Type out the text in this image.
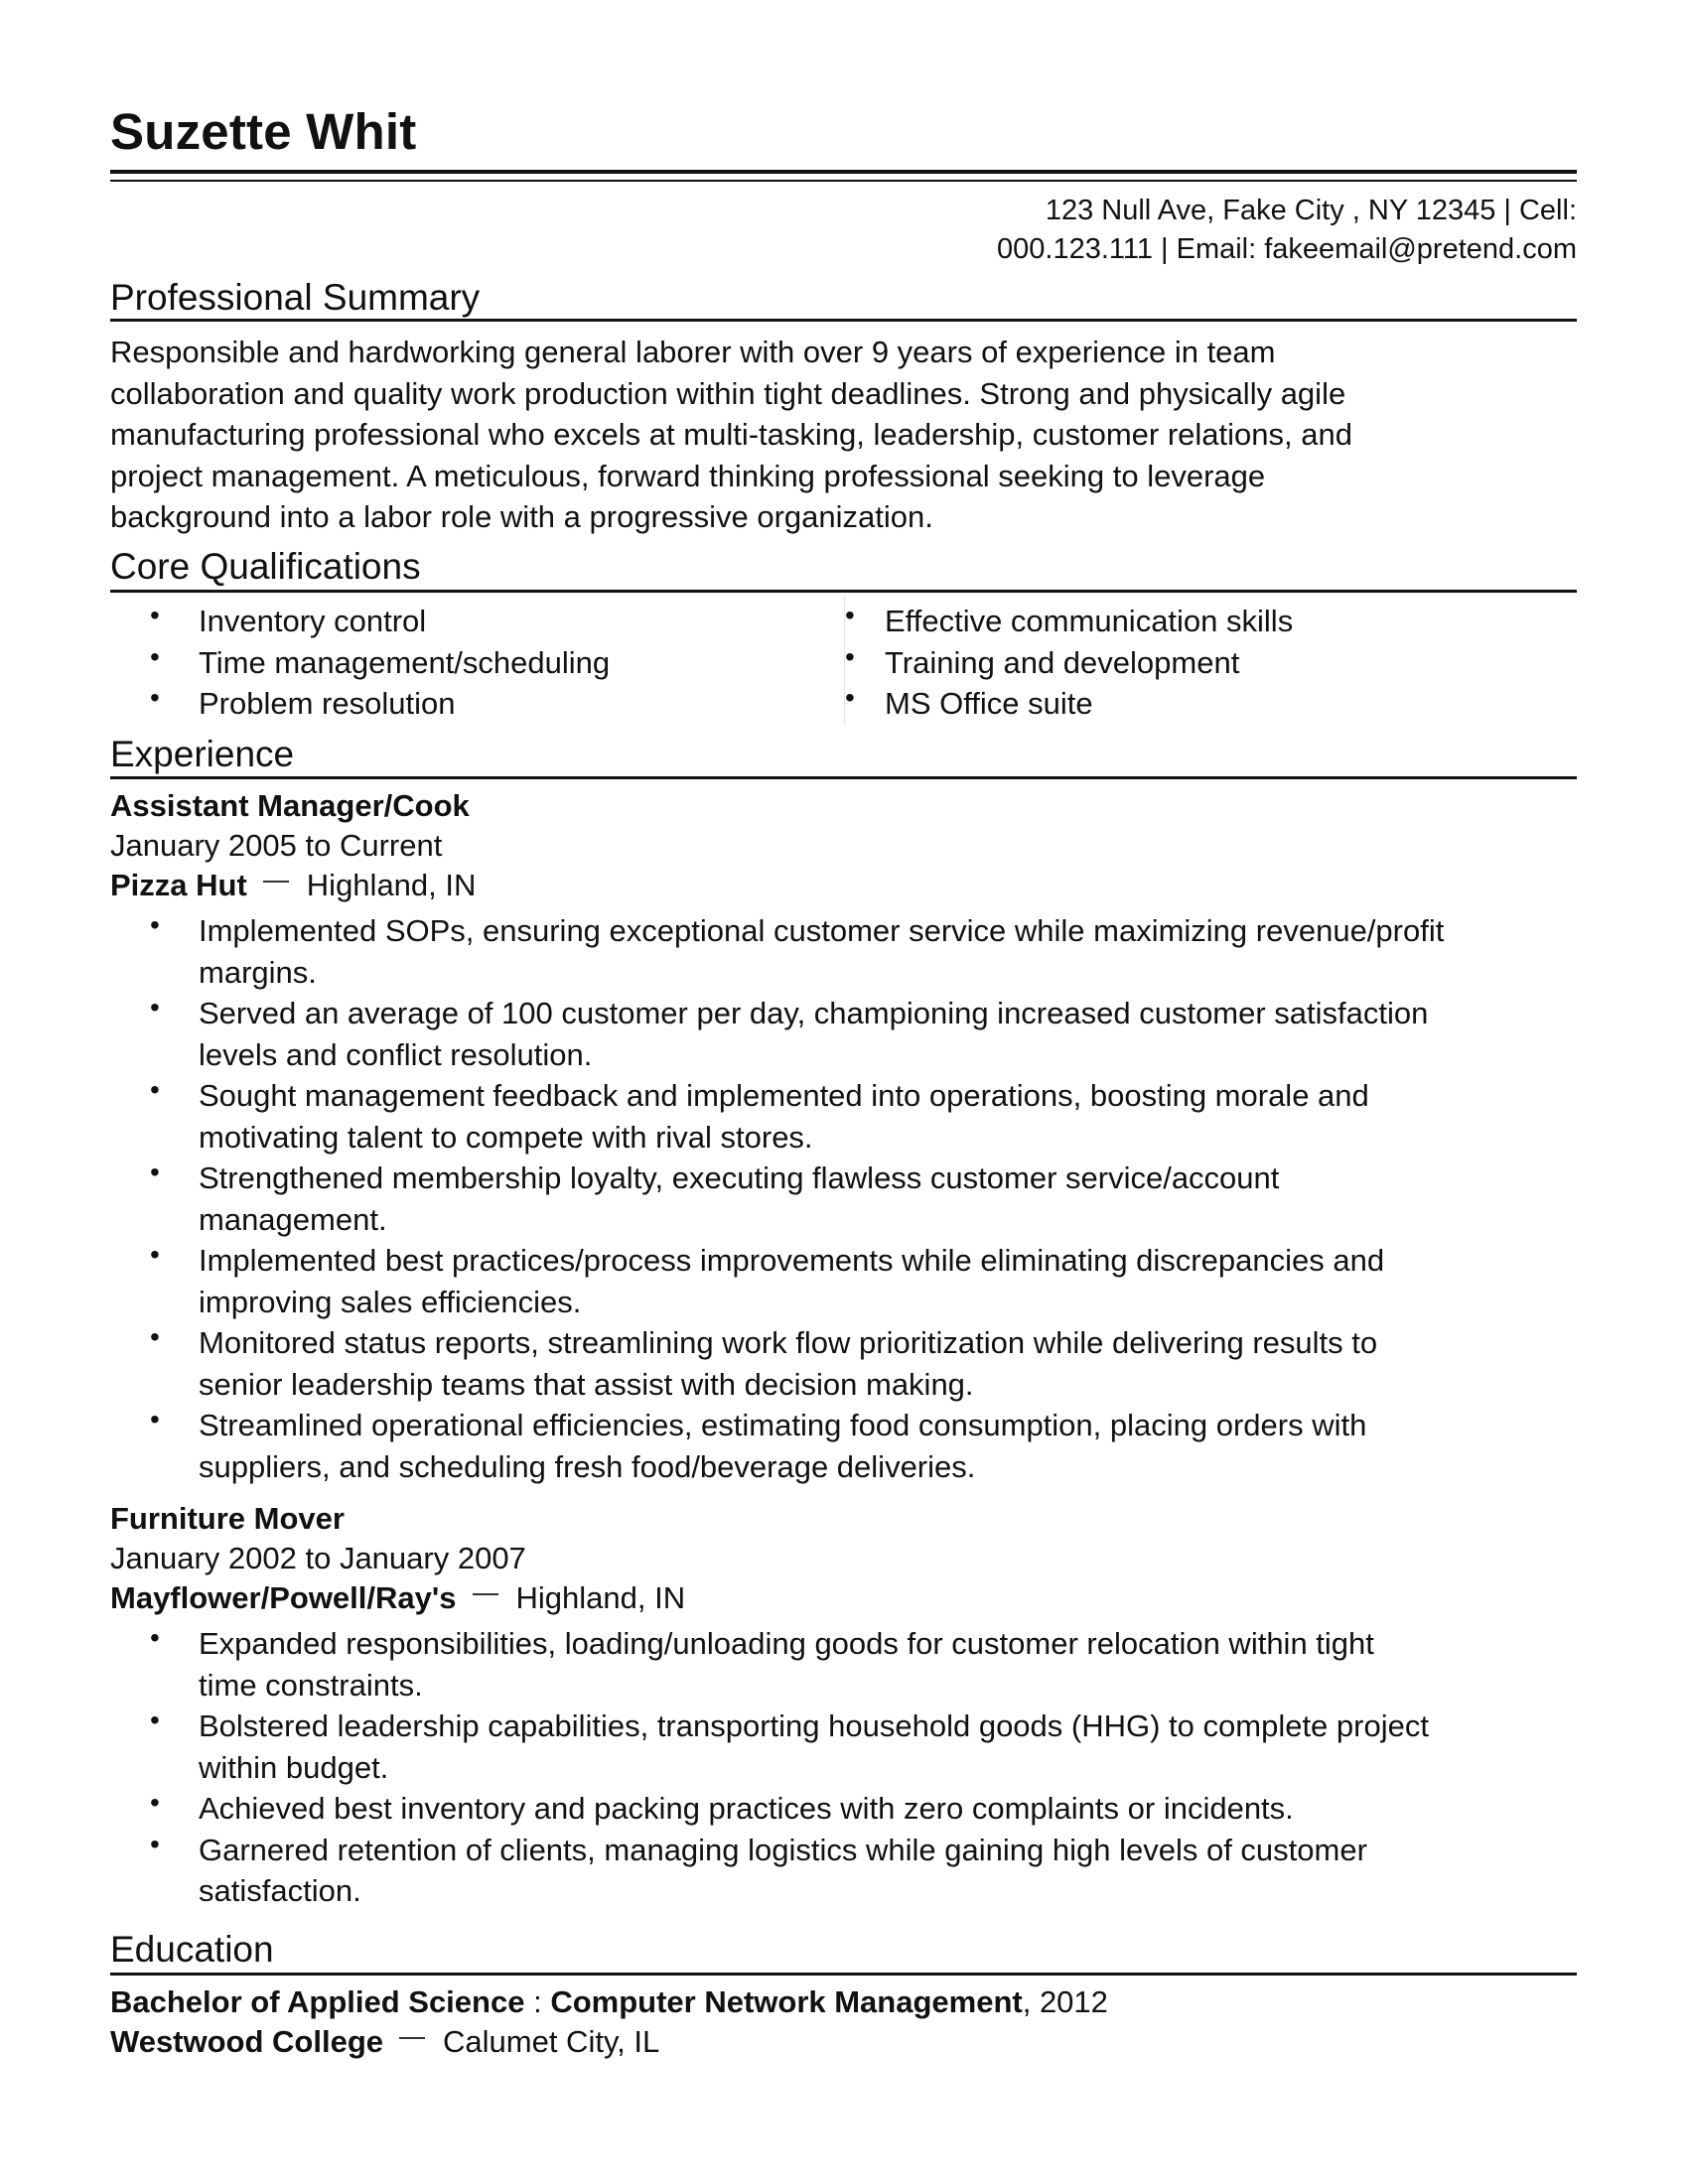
Suzette Whit
123 Null Ave, Fake City , NY 12345 | Cell:
000.123.111 | Email: fakeemail@pretend.com
Professional Summary
Responsible and hardworking general laborer with over 9 years of experience in team
collaboration and quality work production within tight deadlines. Strong and physically agile
manufacturing professional who excels at multi-tasking, leadership, customer relations, and
project management. A meticulous, forward thinking professional seeking to leverage
background into a labor role with a progressive organization.
Core Qualifications
• Inventory control
• Time management/scheduling
• Problem resolution
• Effective communication skills
• Training and development
• MS Office suite
Experience
Assistant Manager/Cook
January 2005 to Current
Pizza Hut Highland, IN
• Implemented SOPs, ensuring exceptional customer service while maximizing revenue/profit
margins.
• Served an average of 100 customer per day, championing increased customer satisfaction
levels and conflict resolution.
• Sought management feedback and implemented into operations, boosting morale and
motivating talent to compete with rival stores.
• Strengthened membership loyalty, executing flawless customer service/account
management.
• Implemented best practices/process improvements while eliminating discrepancies and
improving sales efficiencies.
• Monitored status reports, streamlining work flow prioritization while delivering results to
senior leadership teams that assist with decision making.
• Streamlined operational efficiencies, estimating food consumption, placing orders with
suppliers, and scheduling fresh food/beverage deliveries.
Furniture Mover
January 2002 to January 2007
Mayflower/Powell/Ray's Highland, IN
• Expanded responsibilities, loading/unloading goods for customer relocation within tight
time constraints.
• Bolstered leadership capabilities, transporting household goods (HHG) to complete project
within budget.
• Achieved best inventory and packing practices with zero complaints or incidents.
• Garnered retention of clients, managing logistics while gaining high levels of customer
satisfaction.
Education
Bachelor of Applied Science : Computer Network Management, 2012
Westwood College Calumet City, IL
